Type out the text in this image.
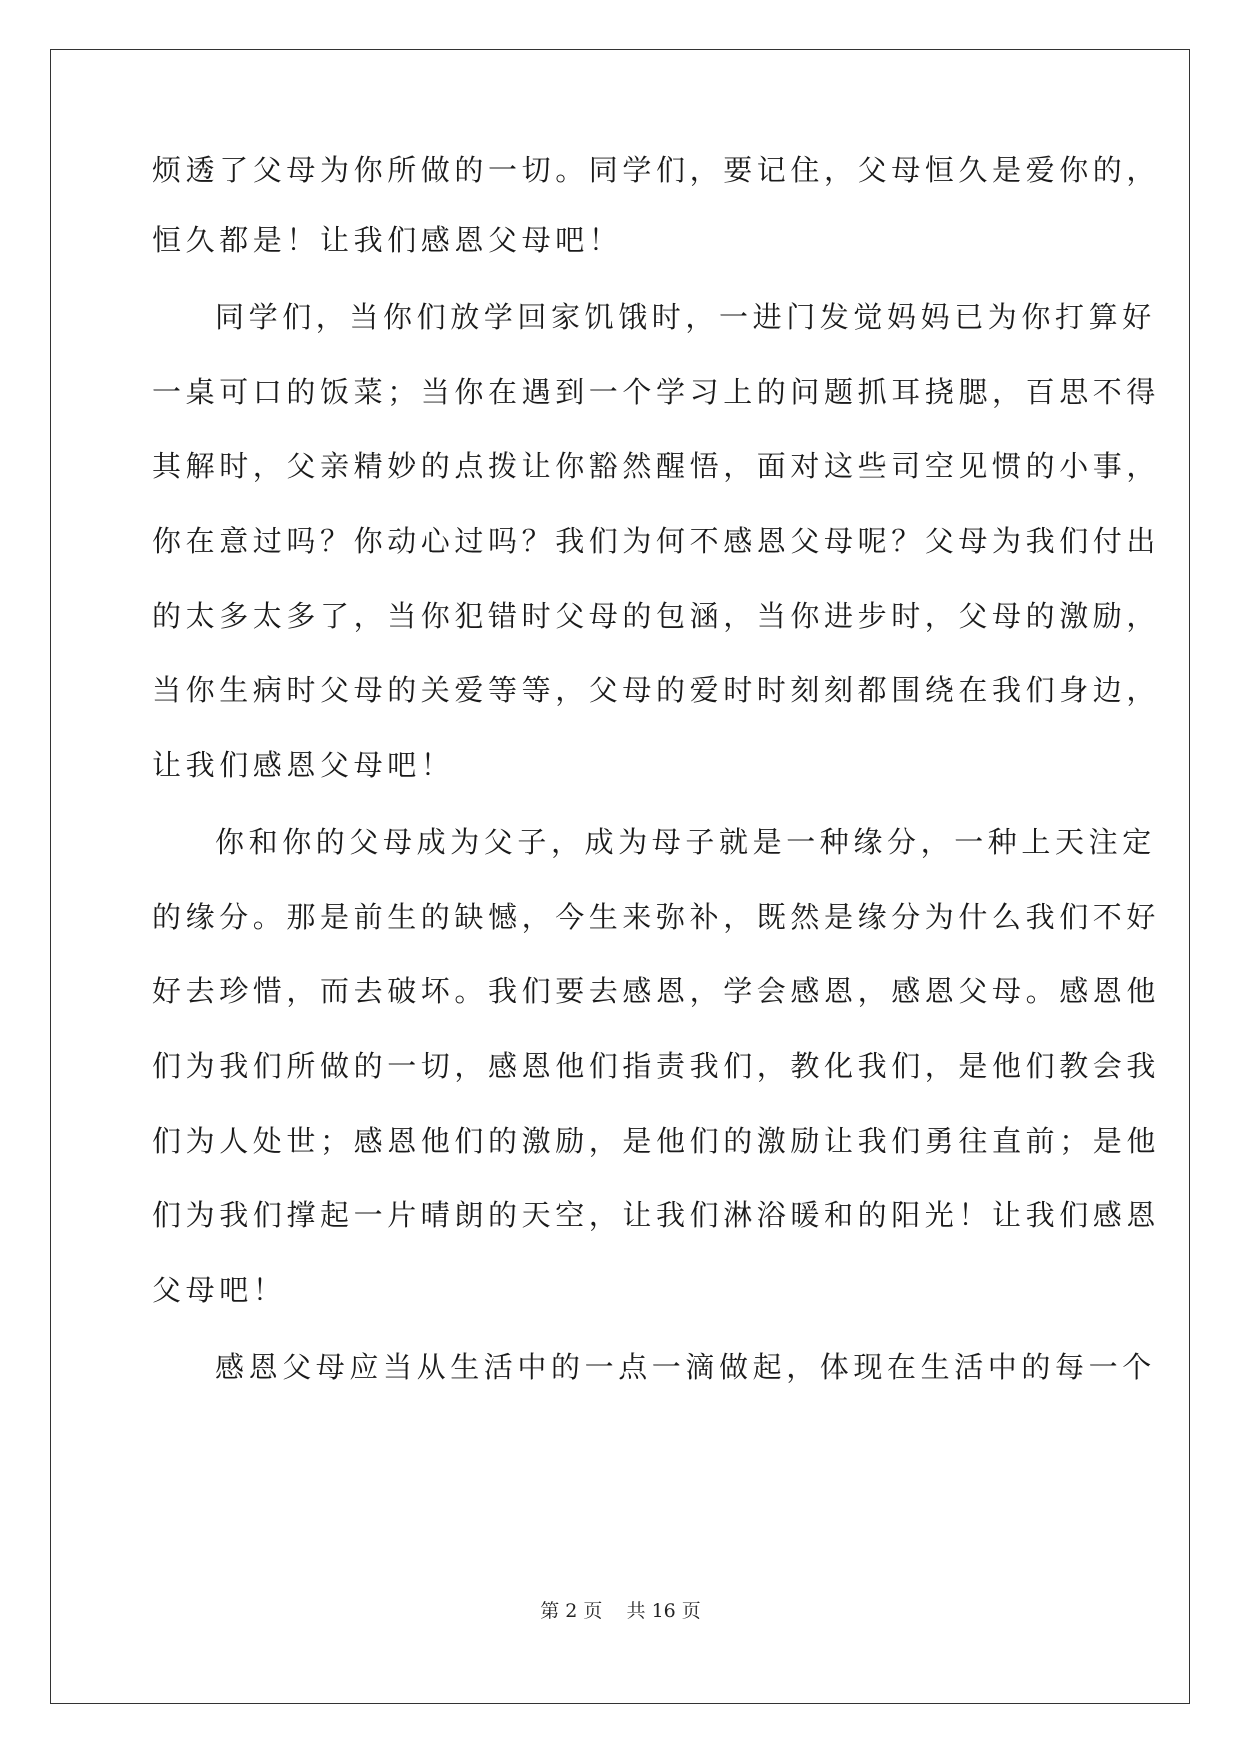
烦透了父母为你所做的一切。同学们，要记住，父母恒久是爱你的，
恒久都是！让我们感恩父母吧！
同学们，当你们放学回家饥饿时，一进门发觉妈妈已为你打算好
一桌可口的饭菜；当你在遇到一个学习上的问题抓耳挠腮，百思不得
其解时，父亲精妙的点拨让你豁然醒悟，面对这些司空见惯的小事，
你在意过吗？你动心过吗？我们为何不感恩父母呢？父母为我们付出
的太多太多了，当你犯错时父母的包涵，当你进步时，父母的激励，
当你生病时父母的关爱等等，父母的爱时时刻刻都围绕在我们身边，
让我们感恩父母吧！
你和你的父母成为父子，成为母子就是一种缘分，一种上天注定
的缘分。那是前生的缺憾，今生来弥补，既然是缘分为什么我们不好
好去珍惜，而去破坏。我们要去感恩，学会感恩，感恩父母。感恩他
们为我们所做的一切，感恩他们指责我们，教化我们，是他们教会我
们为人处世；感恩他们的激励，是他们的激励让我们勇往直前；是他
们为我们撑起一片晴朗的天空，让我们淋浴暖和的阳光！让我们感恩
父母吧！
感恩父母应当从生活中的一点一滴做起，体现在生活中的每一个
第 2 页    共 16 页
